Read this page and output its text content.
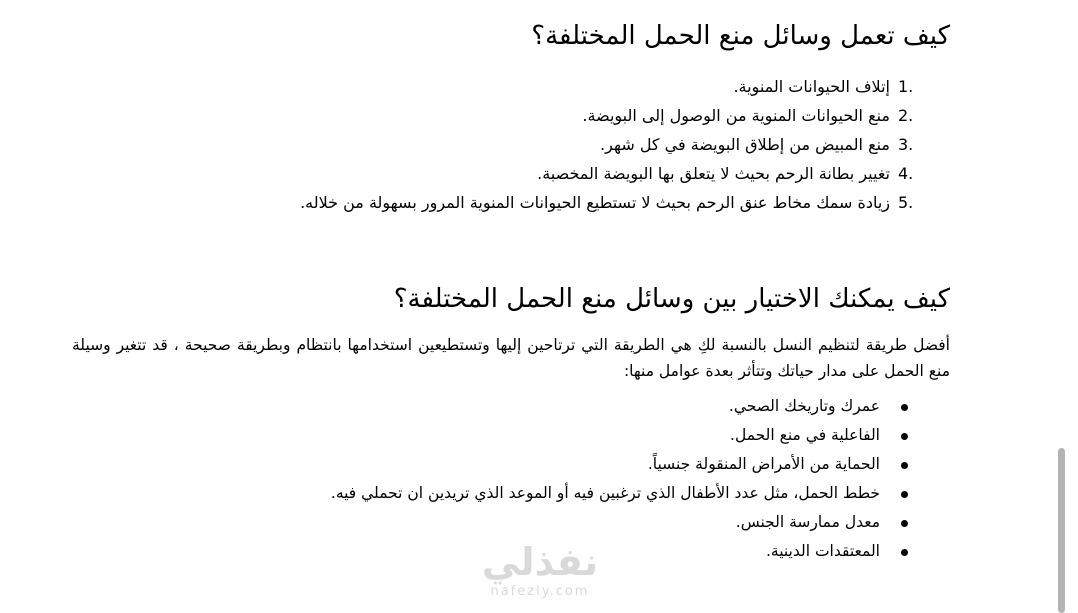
كيف تعمل وسائل منع الحمل المختلفة؟
1.
إتلاف الحيوانات المنوية.
2.
منع الحيوانات المنوية من الوصول إلى البويضة.
3.
منع المبيض من إطلاق البويضة في كل شهر.
4.
تغيير بطانة الرحم بحيث لا يتعلق بها البويضة المخصبة.
5.
زيادة سمك مخاط عنق الرحم بحيث لا تستطيع الحيوانات المنوية المرور بسهولة من خلاله.
كيف يمكنك الاختيار بين وسائل منع الحمل المختلفة؟

أفضل طريقة لتنظيم النسل بالنسبة لكِ هي الطريقة التي ترتاحين إليها وتستطيعين استخدامها بانتظام وبطريقة صحيحة ، قد تتغير وسيلة منع الحمل على مدار حياتك وتتأثر بعدة عوامل منها:

عمرك وتاريخك الصحي.
الفاعلية في منع الحمل.
الحماية من الأمراض المنقولة جنسياً.
خطط الحمل، مثل عدد الأطفال الذي ترغبين فيه أو الموعد الذي تريدين ان تحملي فيه.
معدل ممارسة الجنس.
المعتقدات الدينية.
نفذلي
nafezly.com
